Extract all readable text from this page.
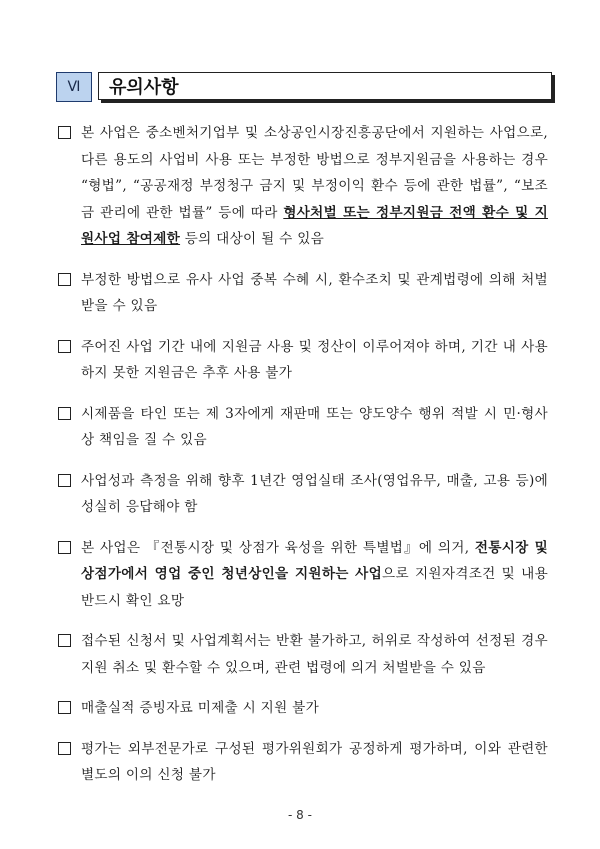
Ⅵ	유의사항
본 사업은 중소벤처기업부 및 소상공인시장진흥공단에서 지원하는 사업으로, 다른 용도의 사업비 사용 또는 부정한 방법으로 정부지원금을 사용하는 경우 “형법”, “공공재정 부정청구 금지 및 부정이익 환수 등에 관한 법률”, “보조금 관리에 관한 법률” 등에 따라 형사처벌 또는 정부지원금 전액 환수 및 지원사업 참여제한 등의 대상이 될 수 있음
부정한 방법으로 유사 사업 중복 수혜 시, 환수조치 및 관계법령에 의해 처벌 받을 수 있음
주어진 사업 기간 내에 지원금 사용 및 정산이 이루어져야 하며, 기간 내 사용하지 못한 지원금은 추후 사용 불가
시제품을 타인 또는 제 3자에게 재판매 또는 양도양수 행위 적발 시 민·형사상 책임을 질 수 있음
사업성과 측정을 위해 향후 1년간 영업실태 조사(영업유무, 매출, 고용 등)에 성실히 응답해야 함
본 사업은 『전통시장 및 상점가 육성을 위한 특별법』에 의거, 전통시장 및 상점가에서 영업 중인 청년상인을 지원하는 사업으로 지원자격조건 및 내용 반드시 확인 요망
접수된 신청서 및 사업계획서는 반환 불가하고, 허위로 작성하여 선정된 경우 지원 취소 및 환수할 수 있으며, 관련 법령에 의거 처벌받을 수 있음
매출실적 증빙자료 미제출 시 지원 불가
평가는 외부전문가로 구성된 평가위원회가 공정하게 평가하며, 이와 관련한 별도의 이의 신청 불가
- 8 -
